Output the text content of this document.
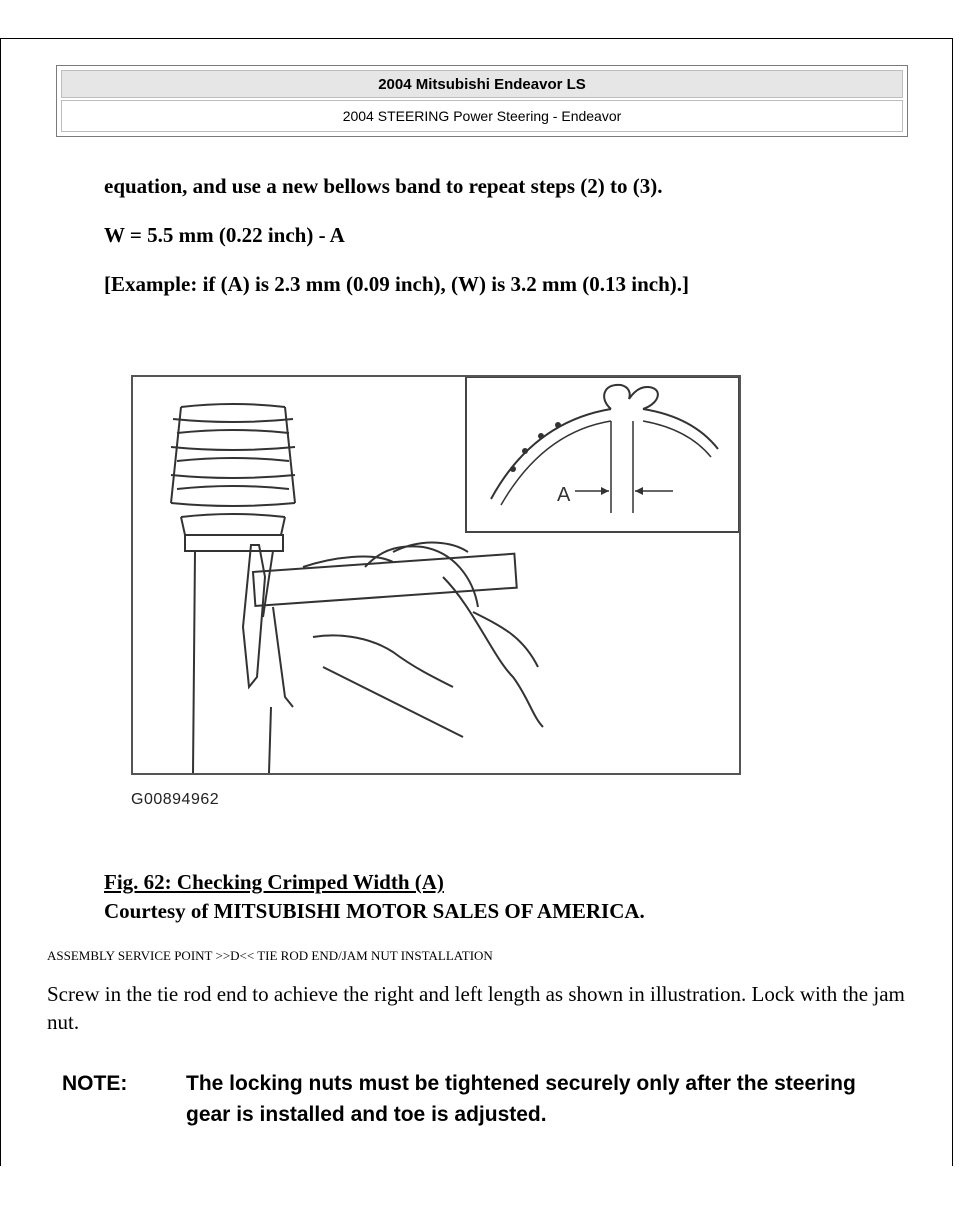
2004 Mitsubishi Endeavor LS
2004 STEERING Power Steering - Endeavor
equation, and use a new bellows band to repeat steps (2) to (3).
W = 5.5 mm (0.22 inch) - A
[Example: if (A) is 2.3 mm (0.09 inch), (W) is 3.2 mm (0.13 inch).]
A
G00894962
Fig. 62: Checking Crimped Width (A)
Courtesy of MITSUBISHI MOTOR SALES OF AMERICA.
ASSEMBLY SERVICE POINT >>D<< TIE ROD END/JAM NUT INSTALLATION
Screw in the tie rod end to achieve the right and left length as shown in illustration. Lock with the jam nut.
NOTE:	The locking nuts must be tightened securely only after the steering gear is installed and toe is adjusted.
